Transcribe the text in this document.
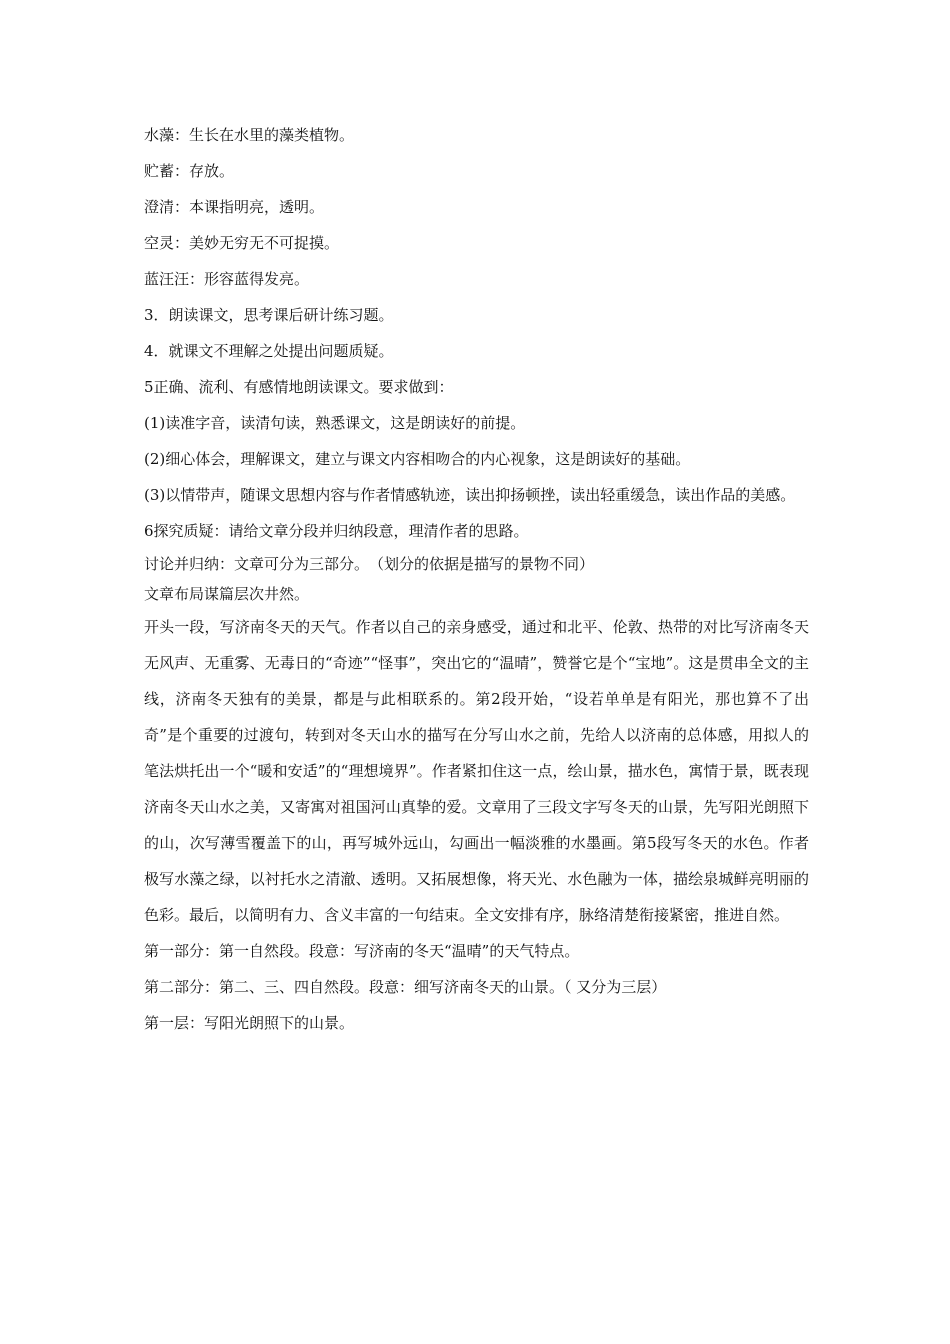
水藻：生长在水里的藻类植物。

贮蓄：存放。

澄清：本课指明亮，透明。

空灵：美妙无穷无不可捉摸。

蓝汪汪：形容蓝得发亮。

3．朗读课文，思考课后研计练习题。

4．就课文不理解之处提出问题质疑。

5正确、流利、有感情地朗读课文。要求做到：

(1)读准字音，读清句读，熟悉课文，这是朗读好的前提。

(2)细心体会，理解课文，建立与课文内容相吻合的内心视象，这是朗读好的基础。

(3)以情带声，随课文思想内容与作者情感轨迹，读出抑扬顿挫，读出轻重缓急，读出作品的美感。

6探究质疑：请给文章分段并归纳段意，理清作者的思路。

讨论并归纳：文章可分为三部分。　（划分的依据是描写的景物不同）

文章布局谋篇层次井然。

开头一段，写济南冬天的天气。作者以自己的亲身感受，通过和北平、伦敦、热带的对比写济南冬天无风声、无重雾、无毒日的“奇迹”“怪事”，突出它的“温晴”，赞誉它是个“宝地”。这是贯串全文的主线，济南冬天独有的美景，都是与此相联系的。第2段开始，“设若单单是有阳光，那也算不了出奇”是个重要的过渡句，转到对冬天山水的描写在分写山水之前，先给人以济南的总体感，用拟人的笔法烘托出一个“暖和安适”的“理想境界”。作者紧扣住这一点，绘山景，描水色，寓情于景，既表现济南冬天山水之美，又寄寓对祖国河山真挚的爱。文章用了三段文字写冬天的山景，先写阳光朗照下的山，次写薄雪覆盖下的山，再写城外远山，勾画出一幅淡雅的水墨画。第5段写冬天的水色。作者极写水藻之绿，以衬托水之清澈、透明。又拓展想像，将天光、水色融为一体，描绘泉城鲜亮明丽的色彩。最后，以简明有力、含义丰富的一句结束。全文安排有序，脉络清楚衔接紧密，推进自然。

第一部分：第一自然段。段意：写济南的冬天“温晴”的天气特点。

第二部分：第二、三、四自然段。段意：细写济南冬天的山景。（ 又分为三层）

第一层：写阳光朗照下的山景。
